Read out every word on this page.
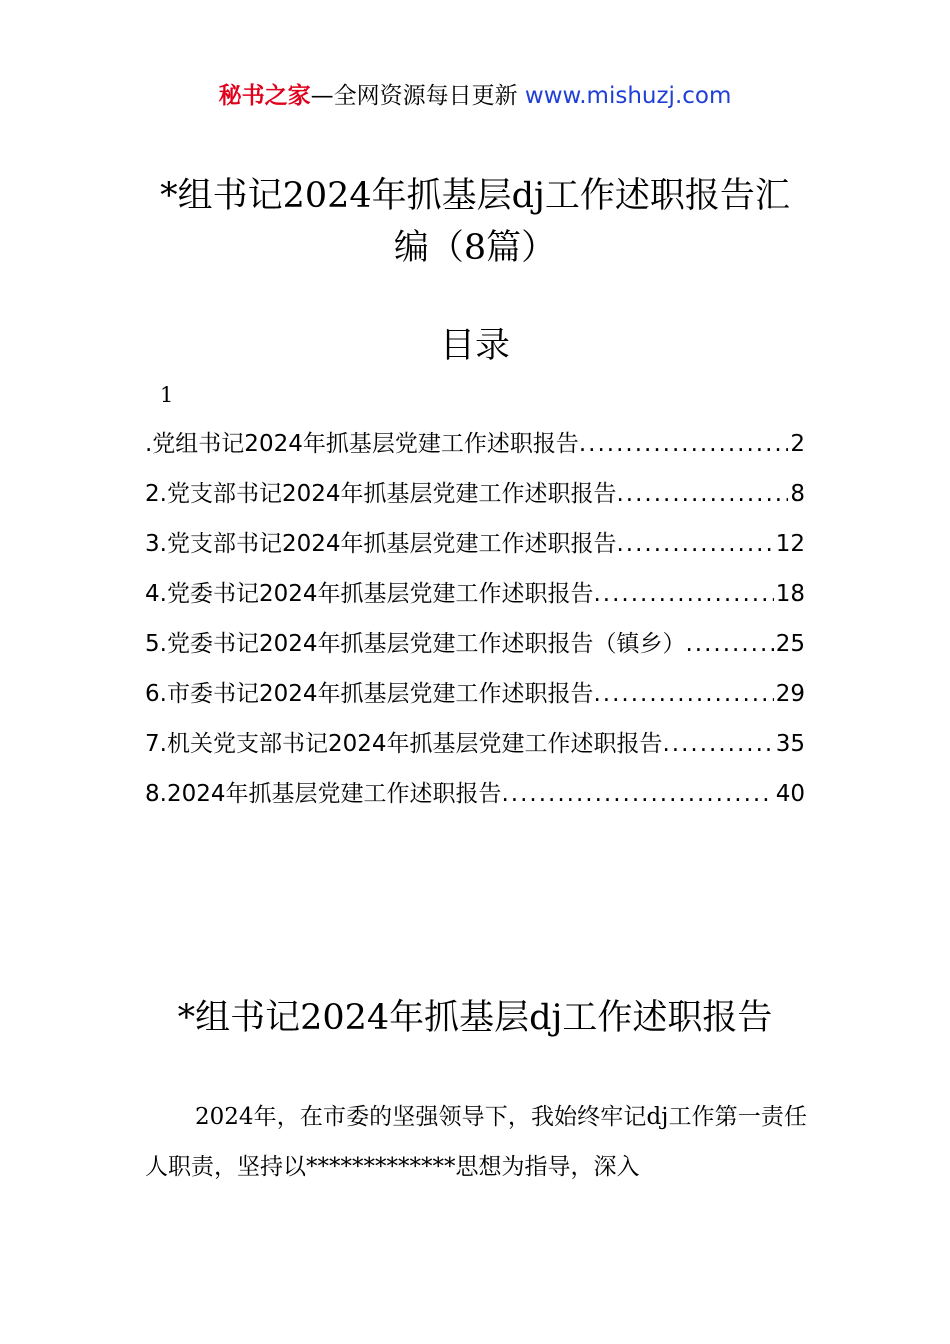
秘书之家—全网资源每日更新 www.mishuzj.com
*组书记2024年抓基层dj工作述职报告汇编（8篇）
目录
1
.党组书记2024年抓基层党建工作述职报告 .....	2
2.党支部书记2024年抓基层党建工作述职报告 .....	8
3.党支部书记2024年抓基层党建工作述职报告 .....	12
4.党委书记2024年抓基层党建工作述职报告 .....	18
5.党委书记2024年抓基层党建工作述职报告（镇乡） .....	25
6.市委书记2024年抓基层党建工作述职报告 .....	29
7.机关党支部书记2024年抓基层党建工作述职报告 .....	35
8.2024年抓基层党建工作述职报告 .....	40
*组书记2024年抓基层dj工作述职报告

2024年，在市委的坚强领导下，我始终牢记dj工作第一责任人职责，坚持以*************思想为指导，深入
